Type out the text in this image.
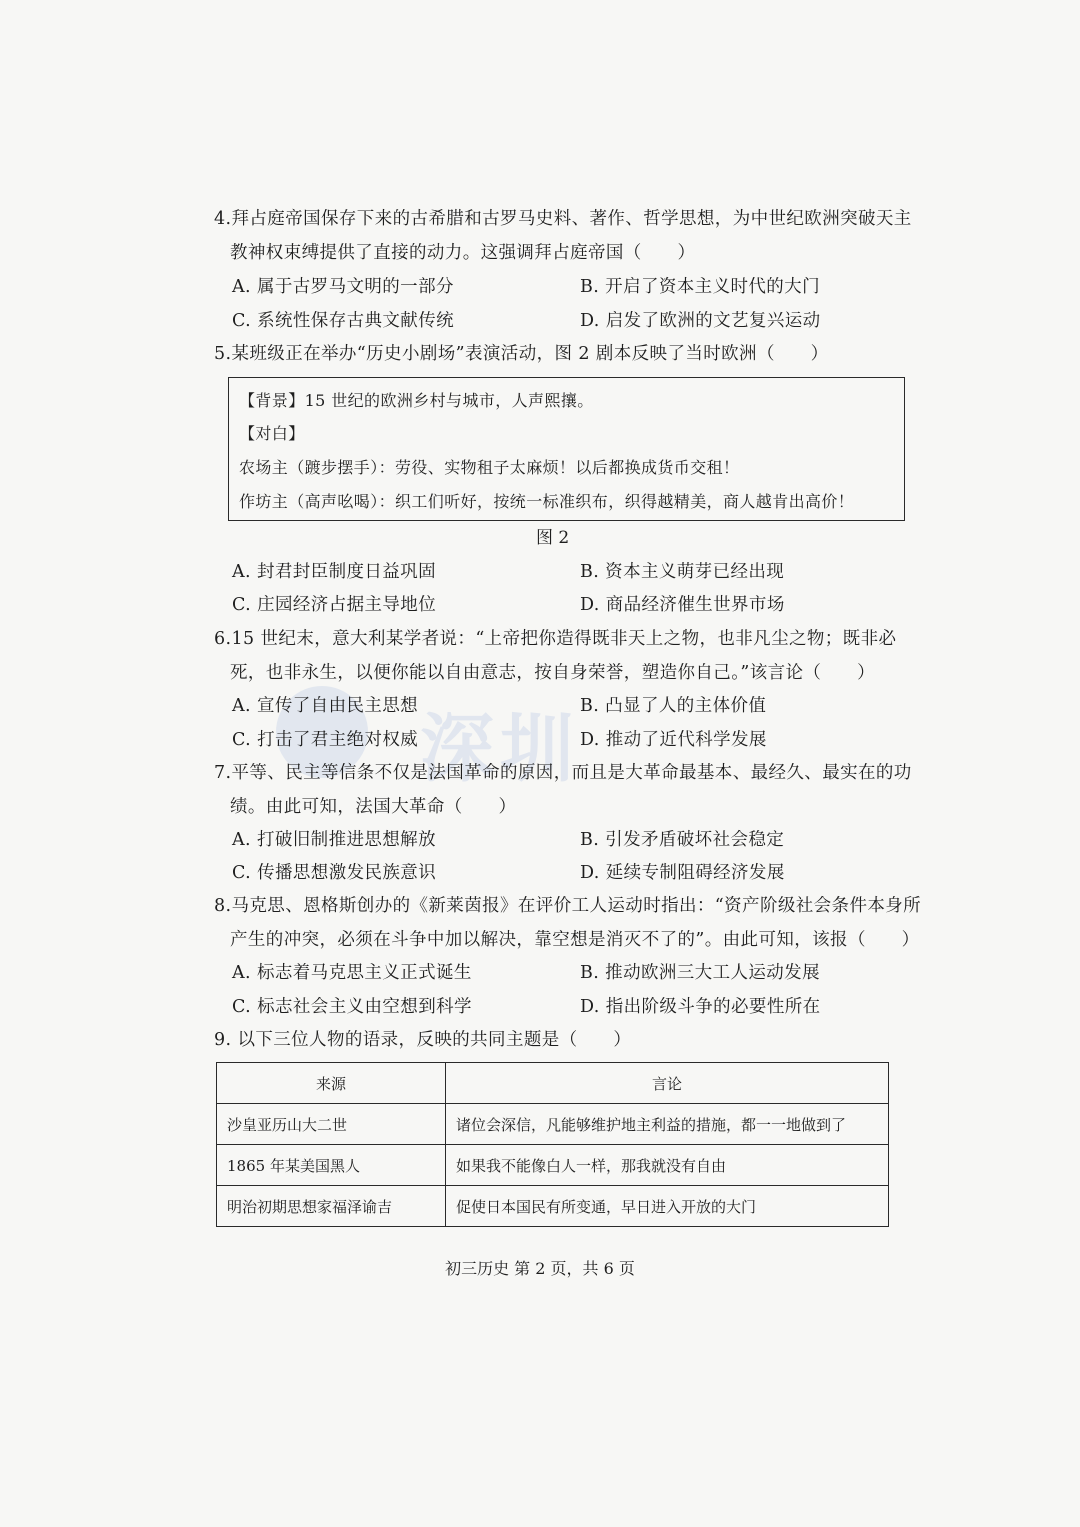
深圳
4.拜占庭帝国保存下来的古希腊和古罗马史料、著作、哲学思想，为中世纪欧洲突破天主
教神权束缚提供了直接的动力。这强调拜占庭帝国（　　）
A. 属于古罗马文明的一部分	B. 开启了资本主义时代的大门
C. 系统性保存古典文献传统	D. 启发了欧洲的文艺复兴运动
5.某班级正在举办“历史小剧场”表演活动，图 2 剧本反映了当时欧洲（　　）
【背景】15 世纪的欧洲乡村与城市，人声熙攘。
【对白】
农场主（踱步摆手）：劳役、实物租子太麻烦！以后都换成货币交租！
作坊主（高声吆喝）：织工们听好，按统一标准织布，织得越精美，商人越肯出高价！
图 2
A. 封君封臣制度日益巩固	B. 资本主义萌芽已经出现
C. 庄园经济占据主导地位	D. 商品经济催生世界市场
6.15 世纪末，意大利某学者说：“上帝把你造得既非天上之物，也非凡尘之物；既非必
死，也非永生，以便你能以自由意志，按自身荣誉，塑造你自己。”该言论（　　）
A. 宣传了自由民主思想	B. 凸显了人的主体价值
C. 打击了君主绝对权威	D. 推动了近代科学发展
7.平等、民主等信条不仅是法国革命的原因，而且是大革命最基本、最经久、最实在的功
绩。由此可知，法国大革命（　　）
A. 打破旧制推进思想解放	B. 引发矛盾破坏社会稳定
C. 传播思想激发民族意识	D. 延续专制阻碍经济发展
8.马克思、恩格斯创办的《新莱茵报》在评价工人运动时指出：“资产阶级社会条件本身所
产生的冲突，必须在斗争中加以解决，靠空想是消灭不了的”。由此可知，该报（　　）
A. 标志着马克思主义正式诞生	B. 推动欧洲三大工人运动发展
C. 标志社会主义由空想到科学	D. 指出阶级斗争的必要性所在
9. 以下三位人物的语录，反映的共同主题是（　　）
来源	言论
沙皇亚历山大二世	诸位会深信，凡能够维护地主利益的措施，都一一地做到了
1865 年某美国黑人	如果我不能像白人一样，那我就没有自由
明治初期思想家福泽谕吉	促使日本国民有所变通，早日进入开放的大门
初三历史 第 2 页，共 6 页
